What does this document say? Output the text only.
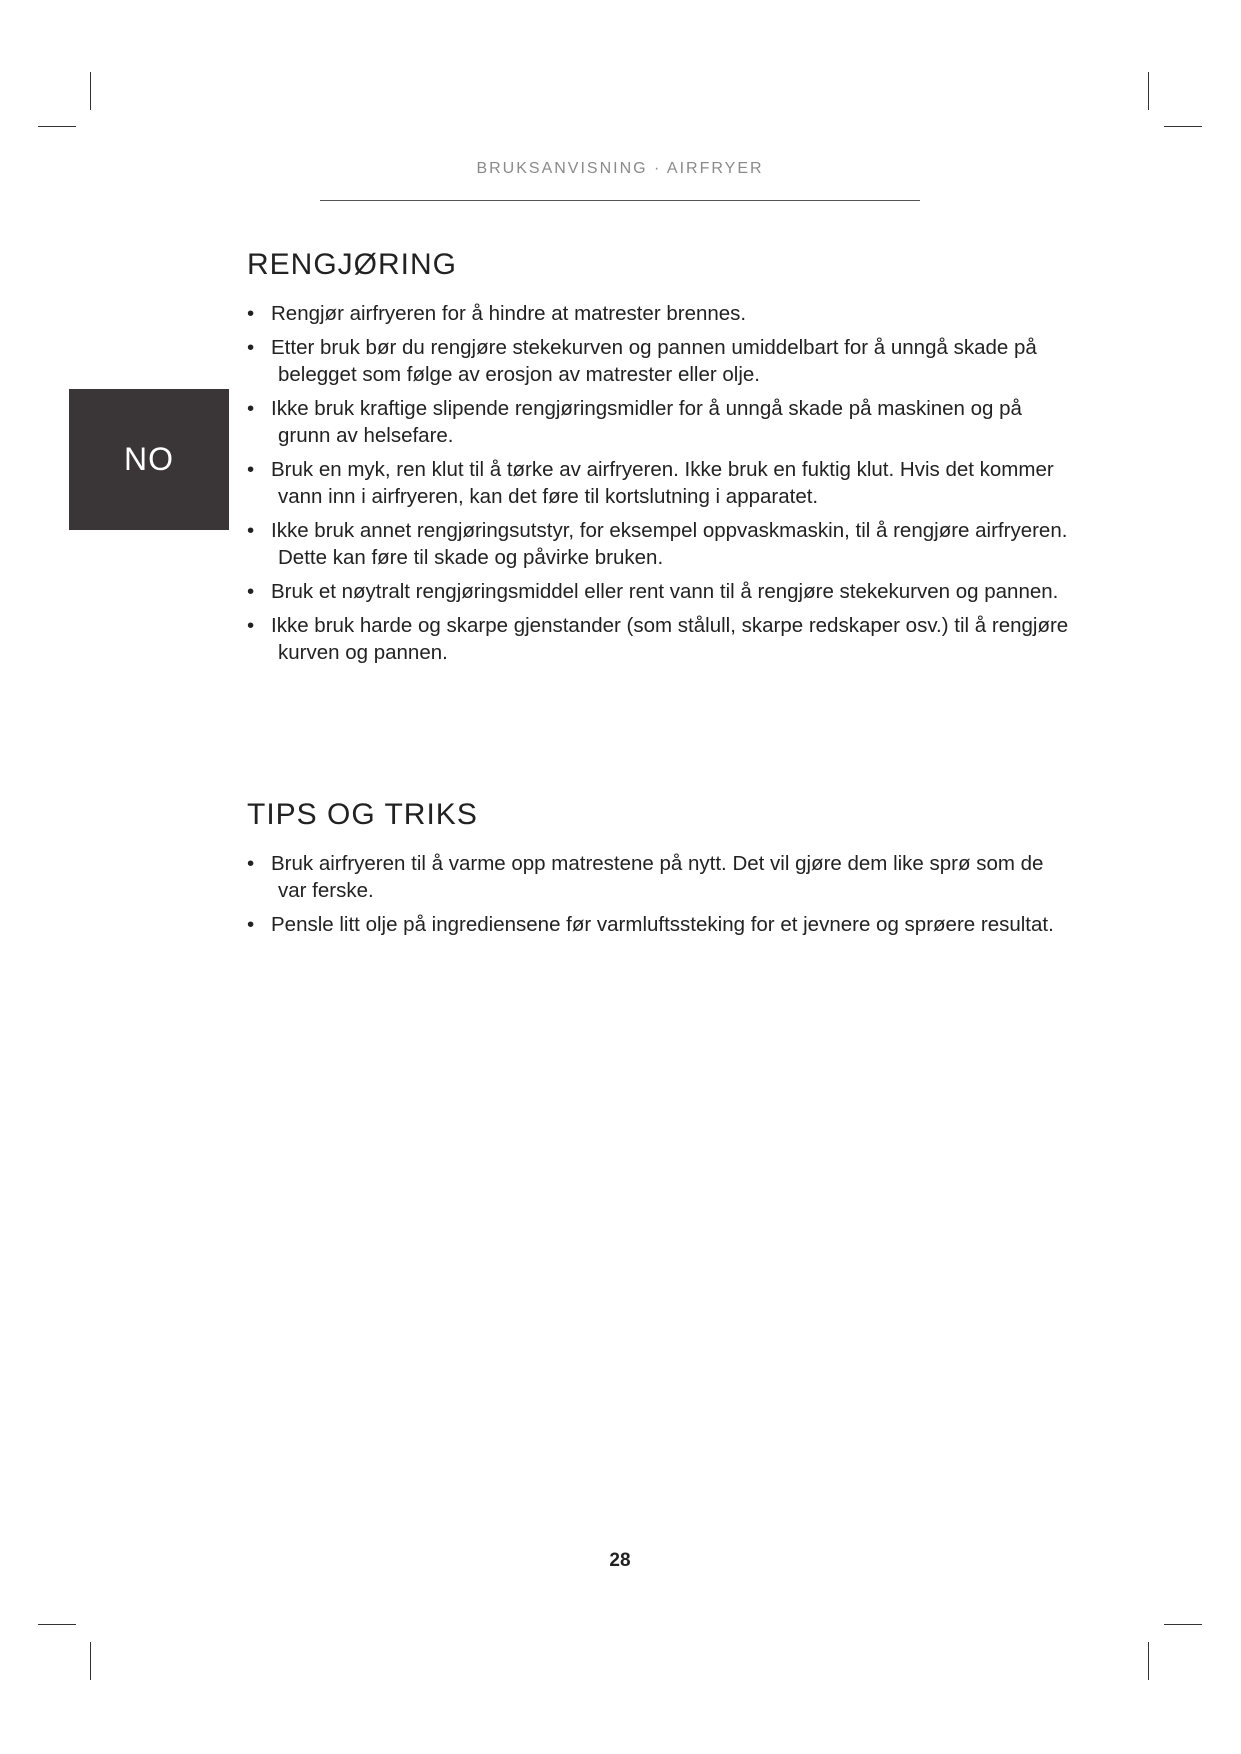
BRUKSANVISNING · AIRFRYER
NO
RENGJØRING
• Rengjør airfryeren for å hindre at matrester brennes.
• Etter bruk bør du rengjøre stekekurven og pannen umiddelbart for å unngå skade på belegget som følge av erosjon av matrester eller olje.
• Ikke bruk kraftige slipende rengjøringsmidler for å unngå skade på maskinen og på grunn av helsefare.
• Bruk en myk, ren klut til å tørke av airfryeren. Ikke bruk en fuktig klut. Hvis det kommer vann inn i airfryeren, kan det føre til kortslutning i apparatet.
• Ikke bruk annet rengjøringsutstyr, for eksempel oppvaskmaskin, til å rengjøre airfryeren. Dette kan føre til skade og påvirke bruken.
• Bruk et nøytralt rengjøringsmiddel eller rent vann til å rengjøre stekekurven og pannen.
• Ikke bruk harde og skarpe gjenstander (som stålull, skarpe redskaper osv.) til å rengjøre kurven og pannen.
TIPS OG TRIKS
• Bruk airfryeren til å varme opp matrestene på nytt. Det vil gjøre dem like sprø som de var ferske.
• Pensle litt olje på ingrediensene før varmluftssteking for et jevnere og sprøere resultat.
28
